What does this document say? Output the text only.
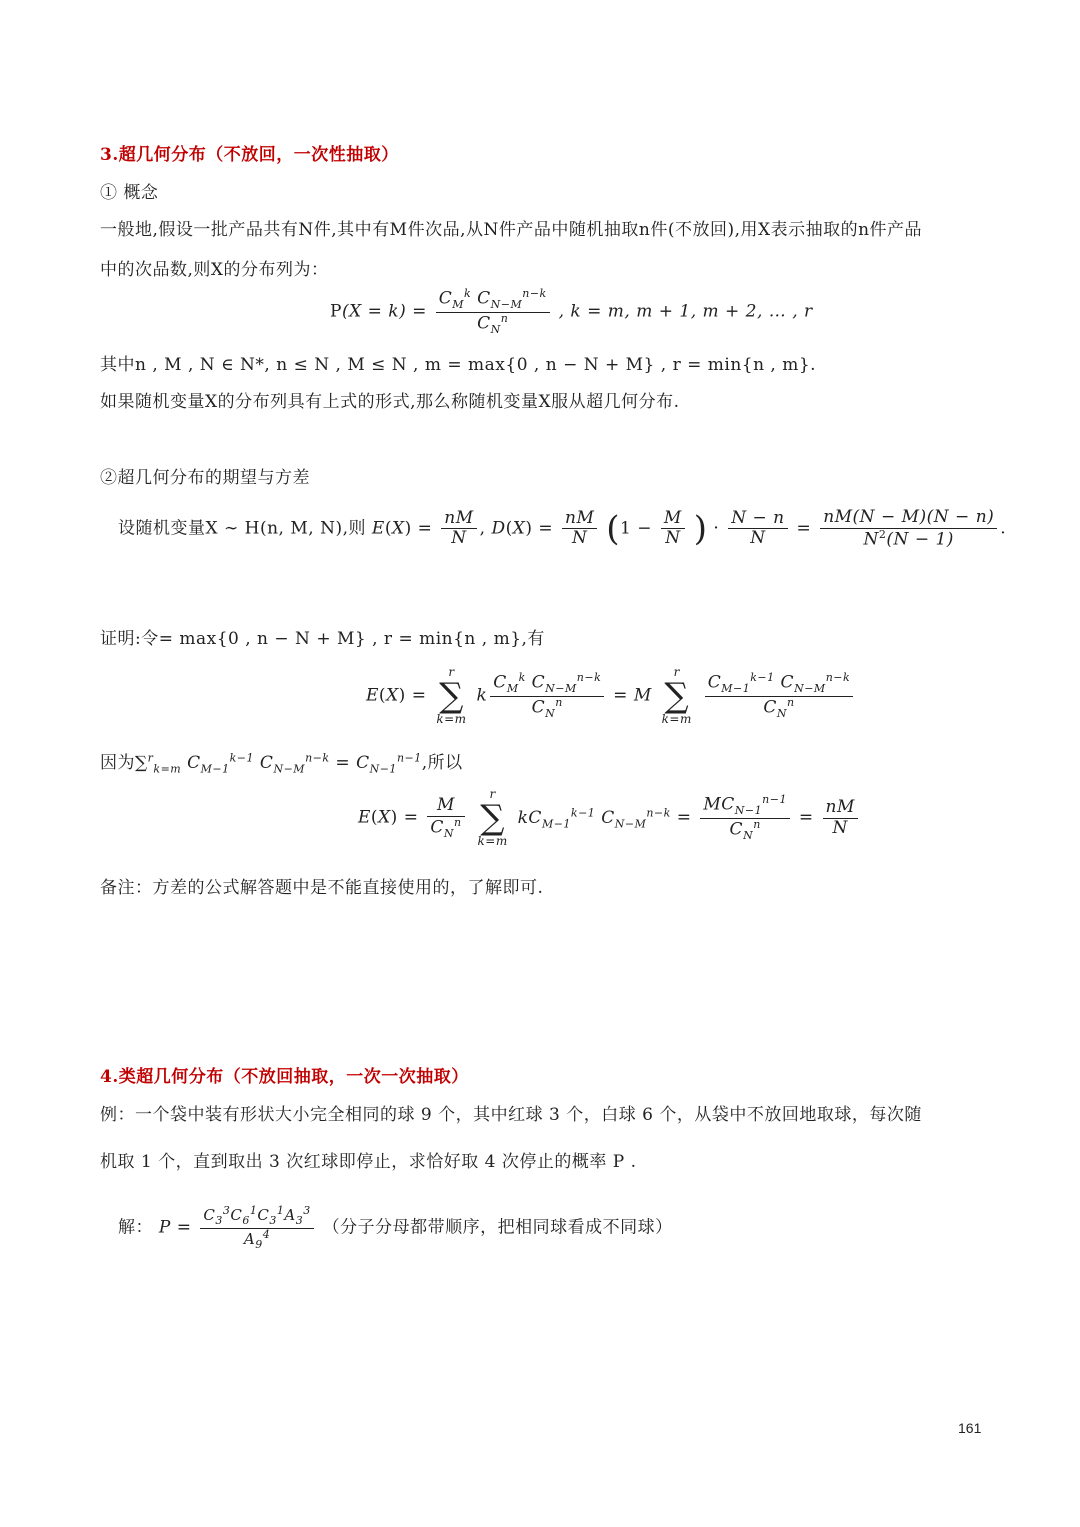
3.超几何分布（不放回，一次性抽取）
① 概念
一般地,假设一批产品共有N件,其中有M件次品,从N件产品中随机抽取n件(不放回),用X表示抽取的n件产品
中的次品数,则X的分布列为：
$P(X = k) = \frac{C_M^k C_{N-M}^{n-k}}{C_N^n}$ , k = m, m + 1, m + 2, … , r
其中n , M , N ∈ N*, n ≤ N , M ≤ N , m = max{0 , n − N + M} , r = min{n , m}.
如果随机变量X的分布列具有上式的形式,那么称随机变量X服从超几何分布.
②超几何分布的期望与方差
设随机变量X ∼ H(n, M, N),则 $E(X) = \frac{nM}{N}$ , $D(X) = \frac{nM}{N} (1 - \frac{M}{N}$ ) · $\frac{N - n}{N} = \frac{nM(N - M)(N - n)}{N^2(N - 1)}$ .
证明:令= max{0 , n − N + M} , r = min{n , m},有
E(X) =
r
∑
k=m
k $\frac{C_M^k C_{N-M}^{n-k}}{C_N^n} = M$
r
∑
k=m
$\frac{C_{M-1}^{k-1} C_{N-M}^{n-k}}{C_N^n}$
因为∑$^r_{k=m}$ $C_{M-1}^{k-1}$ $C_{N-M}^{n-k} = C_{N-1}^{n-1}$,所以
$E(X) = \frac{M}{C_N^n}$

r
∑
k=m
$kC_{M-1}^{k-1}$ $C_{N-M}^{n-k} = \frac{MC_{N-1}^{n-1}}{C_N^n} = \frac{nM}{N}$
备注：方差的公式解答题中是不能直接使用的，了解即可.
4.类超几何分布（不放回抽取，一次一次抽取）
例：一个袋中装有形状大小完全相同的球 9 个，其中红球 3 个，白球 6 个，从袋中不放回地取球，每次随
机取 1 个，直到取出 3 次红球即停止，求恰好取 4 次停止的概率 P .
解： $P = \frac{C_3^3C_6^1C_3^1A_3^3}{A_9^4}$ （分子分母都带顺序，把相同球看成不同球）
161
